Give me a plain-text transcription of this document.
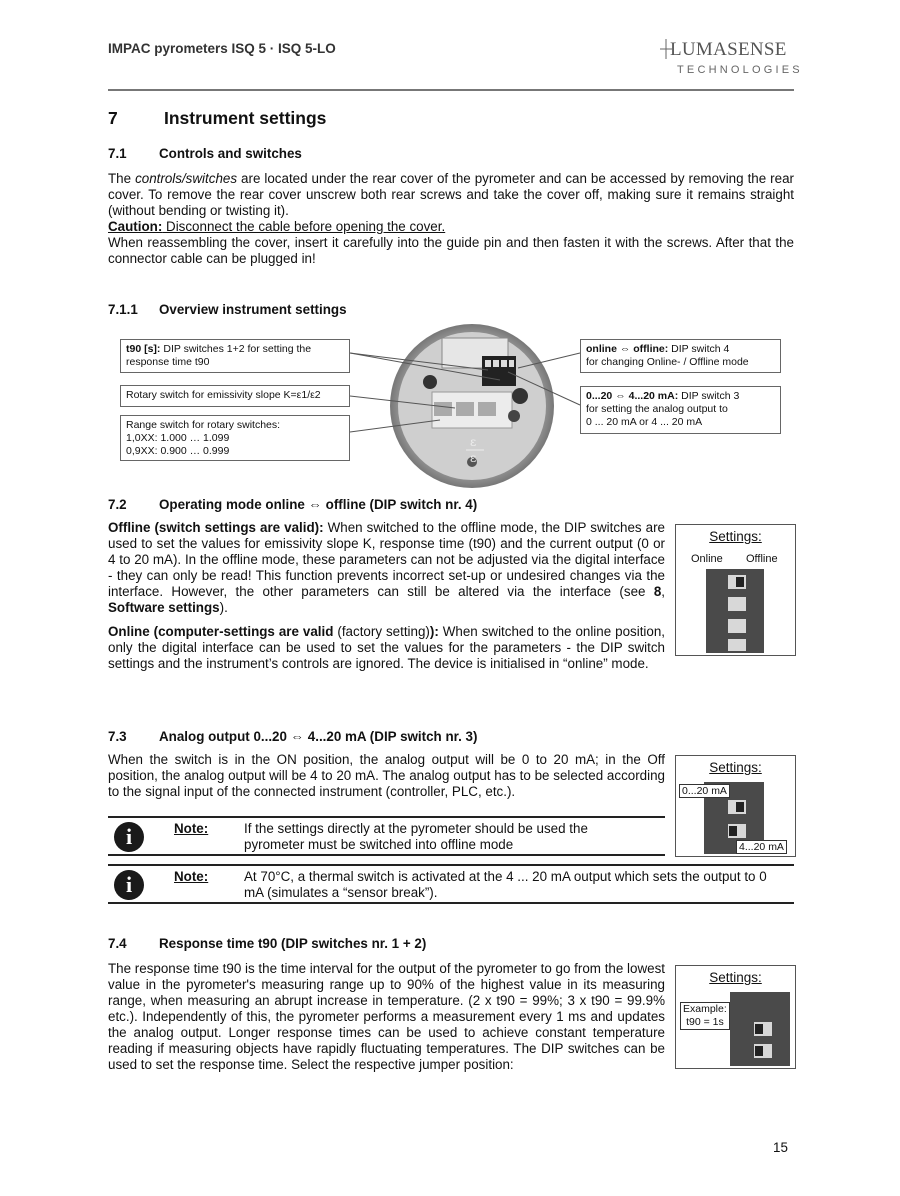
IMPAC pyrometers ISQ 5 · ISQ 5-LO	LUMASENSE
TECHNOLOGIES
7	Instrument settings
7.1 Controls and switches

The controls/switches are located under the rear cover of the pyrometer and can be accessed by removing the rear cover. To remove the rear cover unscrew both rear screws and take the cover off, making sure it remains straight (without bending or twisting it).

Caution: Disconnect the cable before opening the cover.

When reassembling the cover, insert it carefully into the guide pin and then fasten it with the screws. After that the connector cable can be plugged in!

7.1.1 Overview instrument settings
ε
ε
t90 [s]: DIP switches 1+2 for setting the response time t90
Rotary switch for emissivity slope K=ε1/ε2
Range switch for rotary switches:
1,0XX: 1.000 … 1.099
0,9XX: 0.900 … 0.999
online ⇔ offline: DIP switch 4
for changing Online- / Offline mode
0...20 ⇔ 4...20 mA: DIP switch 3
for setting the analog output to
0 ... 20 mA or 4 ... 20 mA
7.2 Operating mode online ⇔ offline (DIP switch nr. 4)

Offline (switch settings are valid): When switched to the offline mode, the DIP switches are used to set the values for emissivity slope K, response time (t90) and the current output (0 or 4 to 20 mA). In the offline mode, these parameters can not be adjusted via the digital interface - they can only be read! This function prevents incorrect set-up or undesired changes via the interface. However, the other parameters can still be altered via the interface (see 8, Software settings).

Online (computer-settings are valid (factory setting)): When switched to the online position, only the digital interface can be used to set the values for the parameters - the DIP switch settings and the instrument’s controls are ignored. The device is initialised in “online” mode.

Settings:
Online Offline
7.3 Analog output 0...20 ⇔ 4...20 mA (DIP switch nr. 3)
When the switch is in the ON position, the analog output will be 0 to 20 mA; in the Off position, the analog output will be 4 to 20 mA. The analog output has to be selected according to the signal input of the connected instrument (controller, PLC, etc.).
Settings:
0...20 mA
4...20 mA
i	Note:	If the settings directly at the pyrometer should be used the pyrometer must be switched into offline mode
i	Note:	At 70°C, a thermal switch is activated at the 4 ... 20 mA output which sets the output to 0 mA (simulates a “sensor break”).
7.4 Response time t90 (DIP switches nr. 1 + 2)
The response time t90 is the time interval for the output of the pyrometer to go from the lowest value in the pyrometer's measuring range up to 90% of the highest value in its measuring range, when measuring an abrupt increase in temperature. (2 x t90 = 99%; 3 x t90 = 99.9% etc.). Independently of this, the pyrometer performs a measurement every 1 ms and updates the analog output. Longer response times can be used to achieve constant temperature reading if measuring objects have rapidly fluctuating temperatures. The DIP switches can be used to set the response time. Select the respective jumper position:
Settings:
Example:
t90 = 1s
15
